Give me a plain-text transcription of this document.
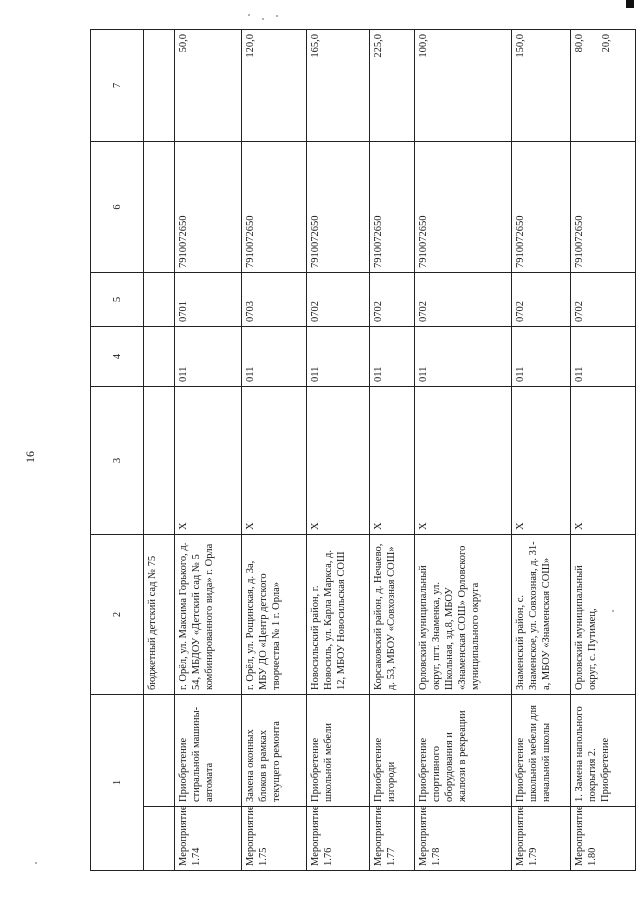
16
1		2	3	4	5	6	7
		бюджетный детский сад № 75					
Мероприятие 1.74	Приобретение стиральной машины-автомата	г. Орёл, ул. Максима Горького, д. 54, МБДОУ «Детский сад № 5 комбинированного вида» г. Орла	Х	011	0701	7910072650	50,0

Мероприятие 1.75	Замена оконных блоков в рамках текущего ремонта	г. Орёл, ул. Рощинская, д. 3а, МБУ ДО «Центр детского творчества № 1 г. Орла»	Х	011	0703	7910072650	120,0

Мероприятие 1.76	Приобретение школьной мебели	Новосильский район, г. Новосиль, ул. Карла Маркса, д. 12, МБОУ Новосильская СОШ	Х	011	0702	7910072650	165,0

Мероприятие 1.77	Приобретение изгороди	Корсаковский район, д. Нечаево, д. 53, МБОУ «Совхозная СОШ»	Х	011	0702	7910072650	225,0

Мероприятие 1.78	Приобретение спортивного оборудования и жалюзи в рекреации	Орловский муниципальный округ, пгт. Знаменка, ул. Школьная, зд.8, МБОУ «Знаменская СОШ» Орловского муниципального округа	Х	011	0702	7910072650	100,0

Мероприятие 1.79	Приобретение школьной мебели для начальной школы	Знаменский район, с. Знаменское, ул. Совхозная, д. 31-а, МБОУ «Знаменская СОШ»	Х	011	0702	7910072650	150,0

Мероприятие 1.80	1. Замена напольного покрытия 2. Приобретение	Орловский муниципальный округ, с. Путимец,	Х	011	0702	7910072650	80,0 20,0
